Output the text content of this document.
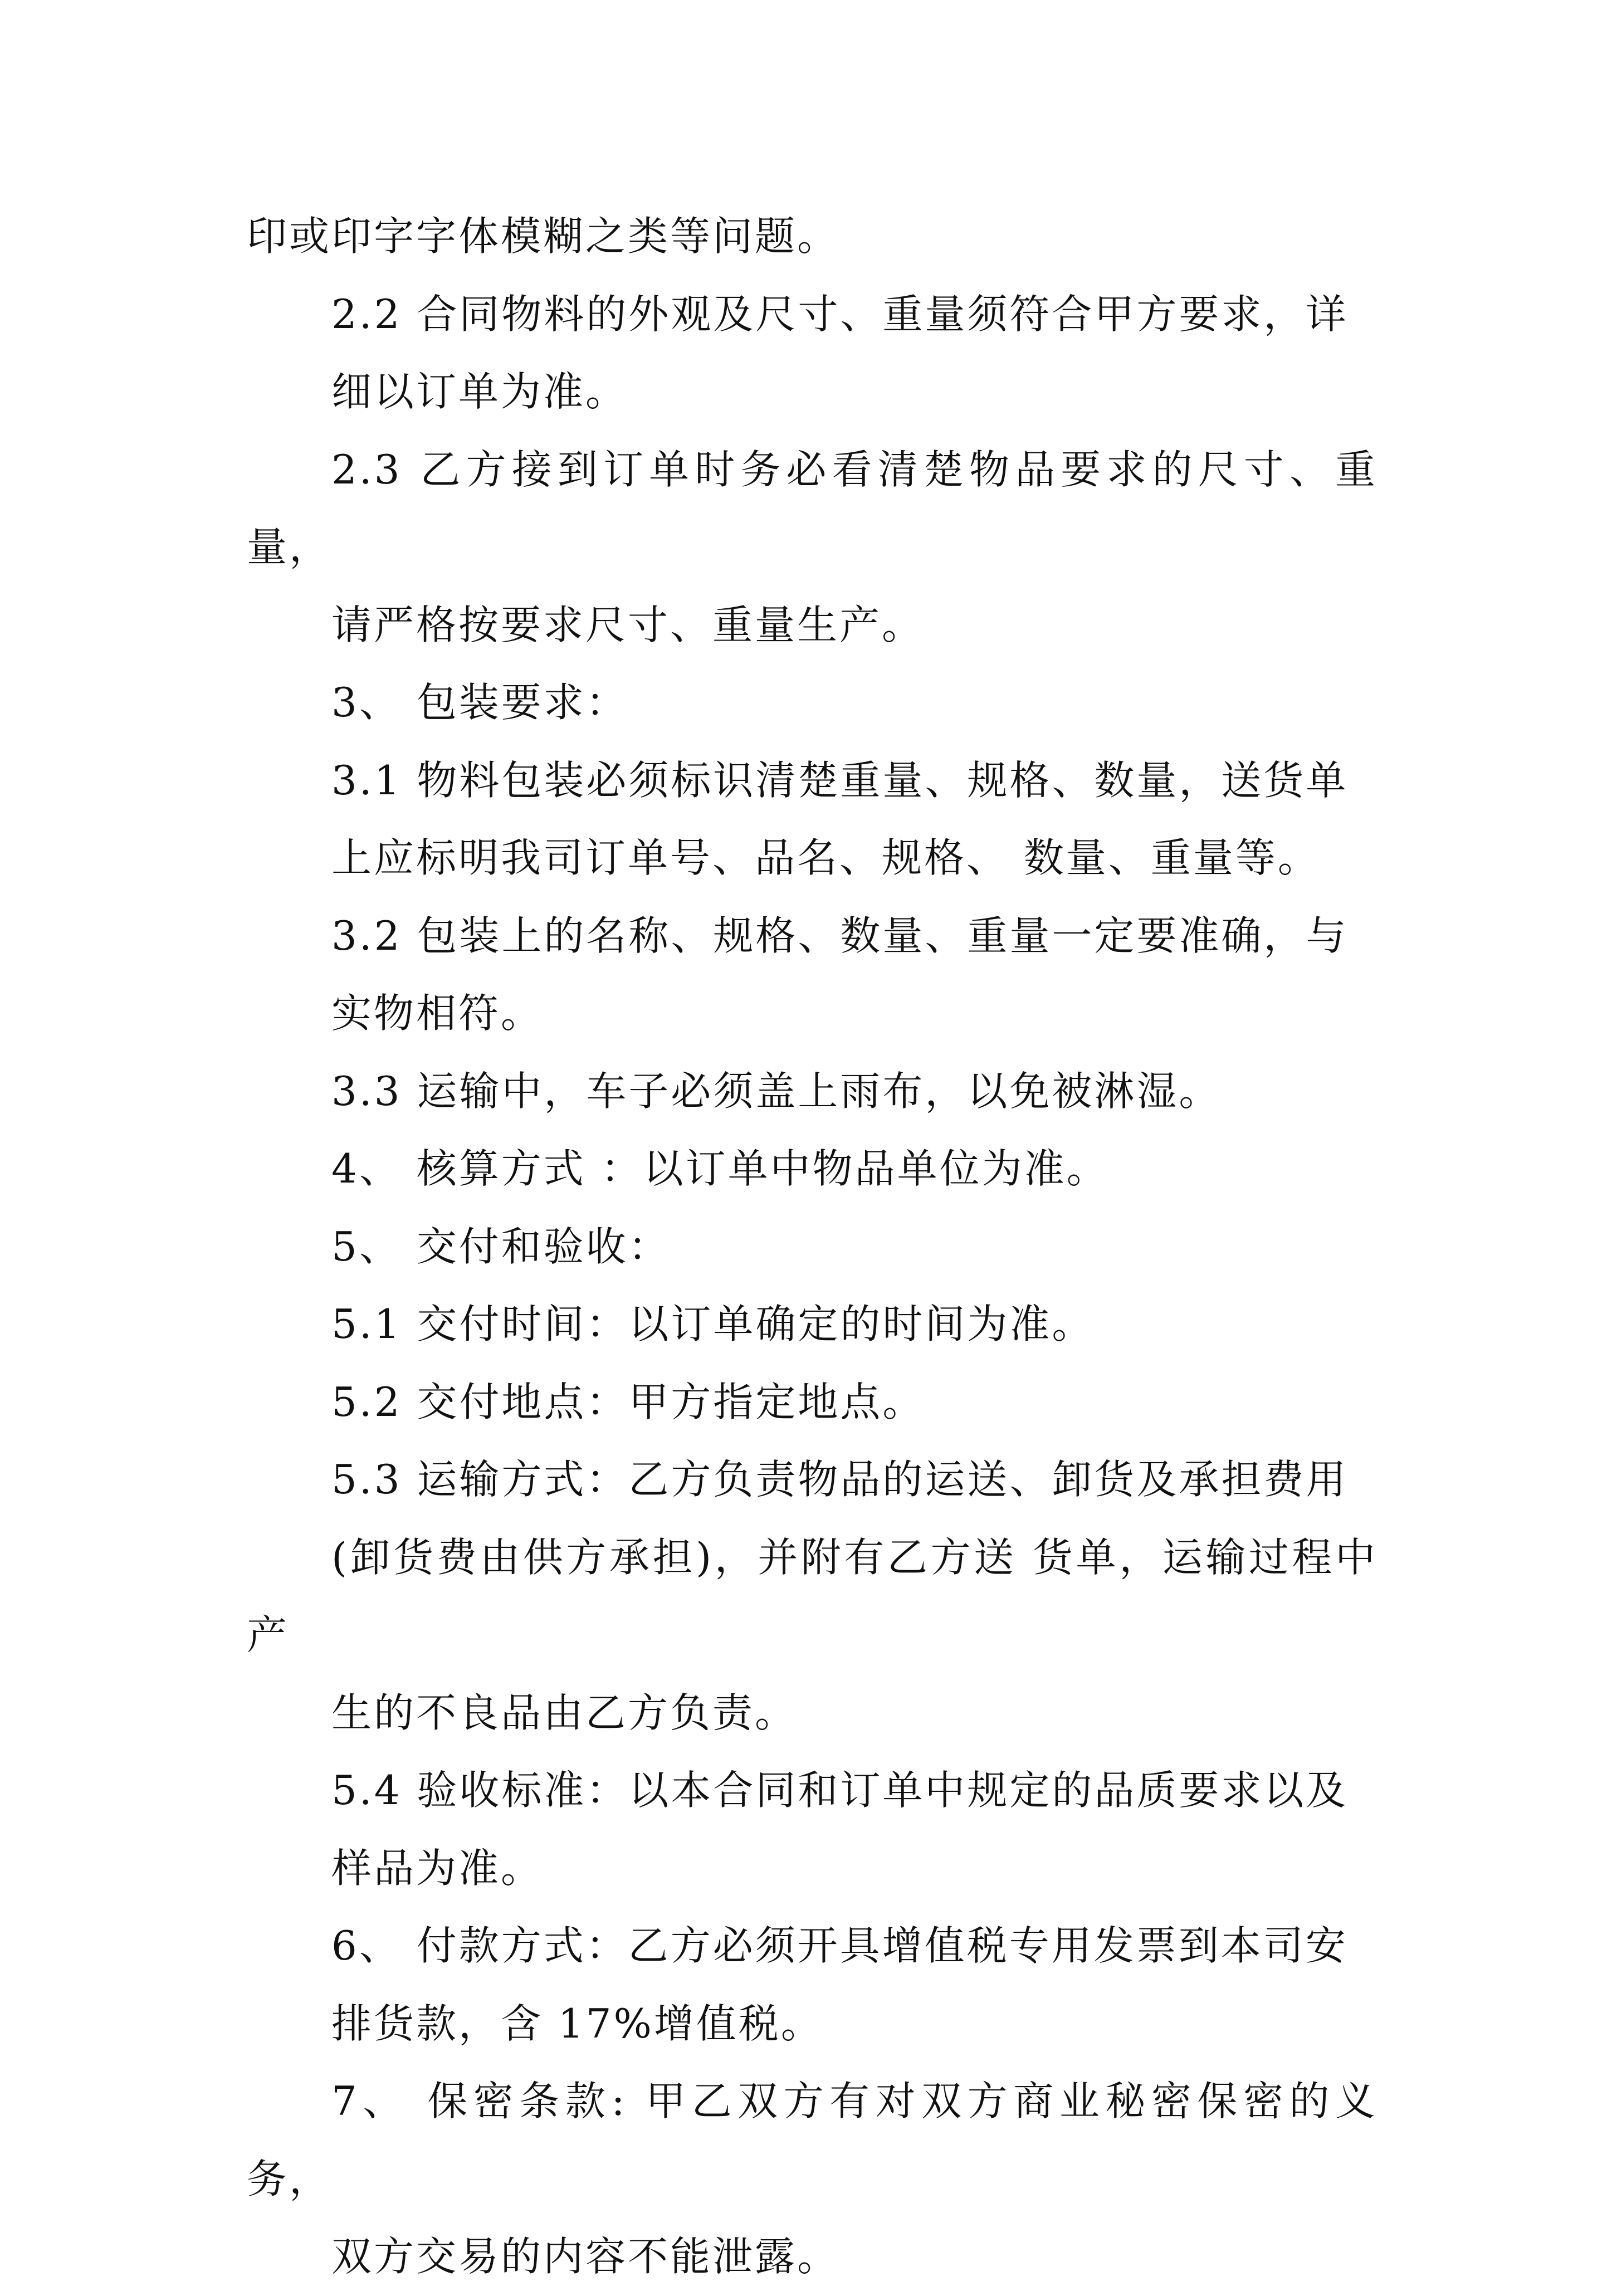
印或印字字体模糊之类等问题。

2.2 合同物料的外观及尺寸、重量须符合甲方要求，详
细以订单为准。

2.3 乙方接到订单时务必看清楚物品要求的尺寸、重量，
请严格按要求尺寸、重量生产。

3、 包装要求：

3.1 物料包装必须标识清楚重量、规格、数量，送货单
上应标明我司订单号、品名、规格、 数量、重量等。

3.2 包装上的名称、规格、数量、重量一定要准确，与
实物相符。

3.3 运输中，车子必须盖上雨布，以免被淋湿。

4、 核算方式 ：以订单中物品单位为准。

5、 交付和验收：

5.1 交付时间：以订单确定的时间为准。

5.2 交付地点：甲方指定地点。

5.3 运输方式：乙方负责物品的运送、卸货及承担费用
(卸货费由供方承担)，并附有乙方送 货单，运输过程中产
生的不良品由乙方负责。

5.4 验收标准：以本合同和订单中规定的品质要求以及
样品为准。

6、 付款方式：乙方必须开具增值税专用发票到本司安
排货款，含 17%增值税。

7、 保密条款: 甲乙双方有对双方商业秘密保密的义务，
双方交易的内容不能泄露。
